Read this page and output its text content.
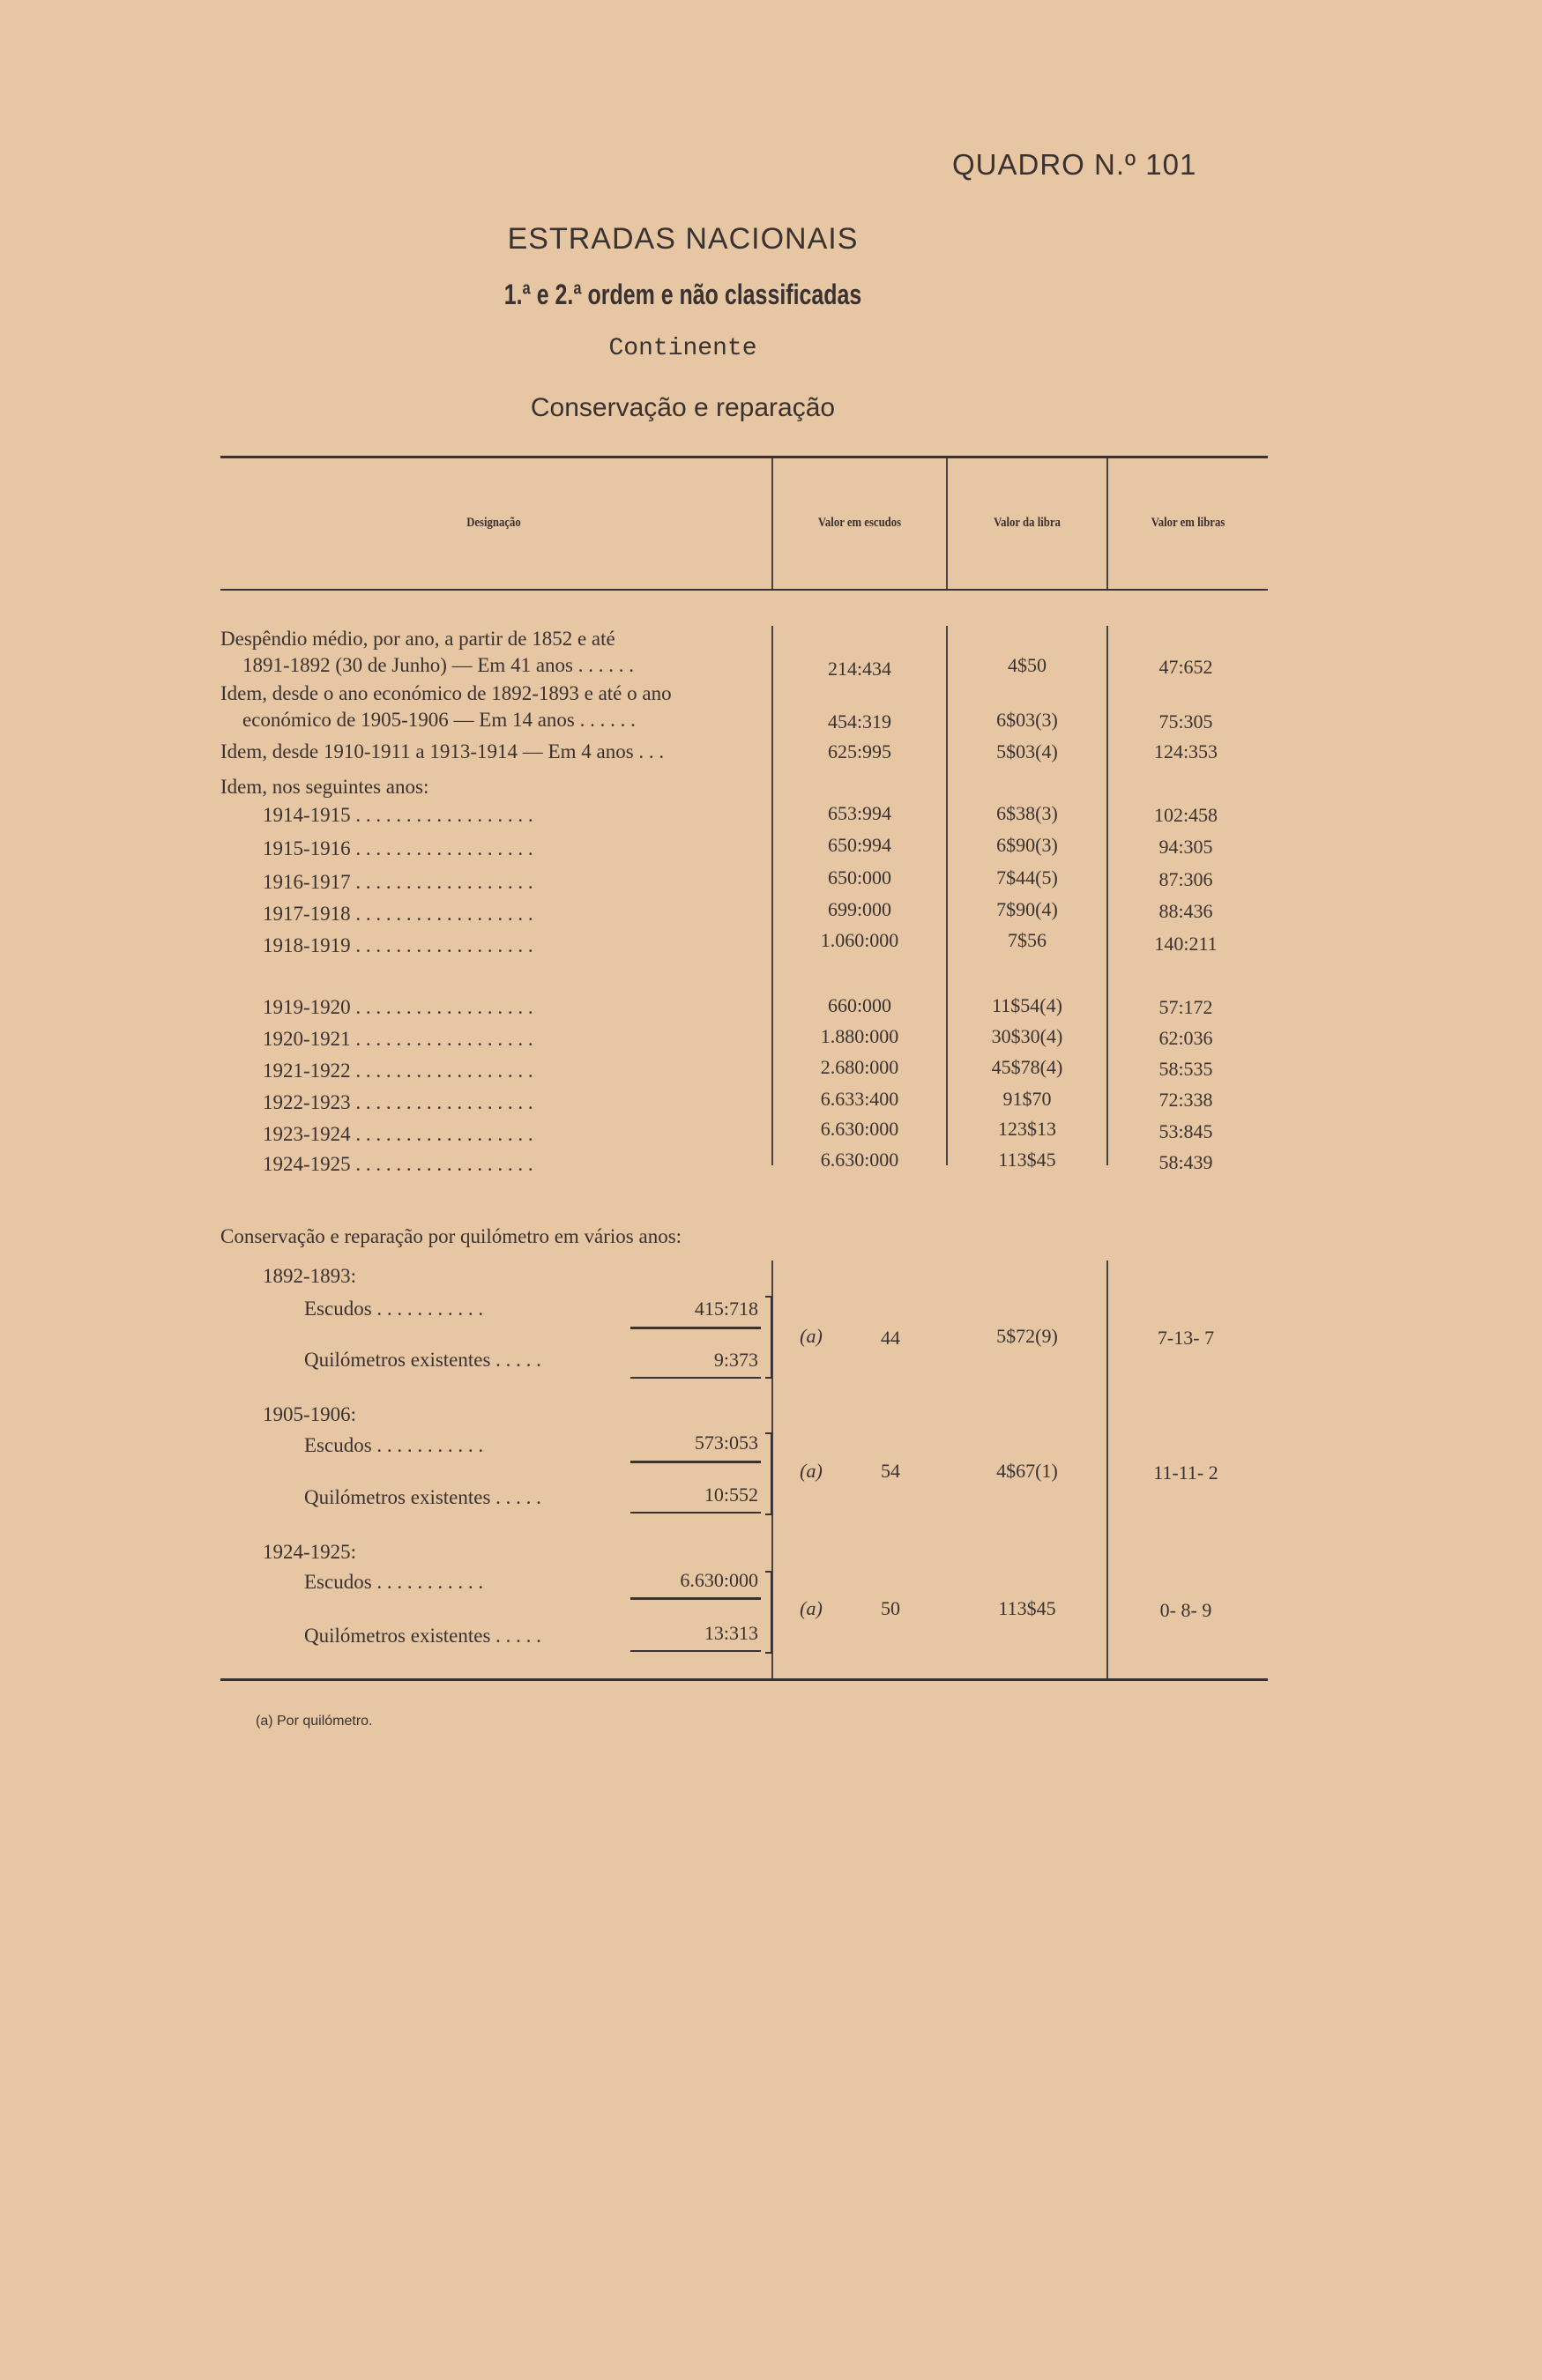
QUADRO N.º 101
ESTRADAS NACIONAIS
1.ª e 2.ª ordem e não classificadas
Continente
Conservação e reparação
Designação	Valor em escudos	Valor da libra	Valor em libras
Despêndio médio, por ano, a partir de 1852 e até
1891-1892 (30 de Junho) — Em 41 anos . . . . . .	214:434	4$50	47:652
Idem, desde o ano económico de 1892-1893 e até o ano
económico de 1905-1906 — Em 14 anos . . . . . .	454:319	6$03(3)	75:305
Idem, desde 1910-1911 a 1913-1914 — Em 4 anos . . .	625:995	5$03(4)	124:353
Idem, nos seguintes anos:
1914-1915 . . . . . . . . . . . . . . . . . .	653:994	6$38(3)	102:458
1915-1916 . . . . . . . . . . . . . . . . . .	650:994	6$90(3)	94:305
1916-1917 . . . . . . . . . . . . . . . . . .	650:000	7$44(5)	87:306
1917-1918 . . . . . . . . . . . . . . . . . .	699:000	7$90(4)	88:436
1918-1919 . . . . . . . . . . . . . . . . . .	1.060:000	7$56	140:211
1919-1920 . . . . . . . . . . . . . . . . . .	660:000	11$54(4)	57:172
1920-1921 . . . . . . . . . . . . . . . . . .	1.880:000	30$30(4)	62:036
1921-1922 . . . . . . . . . . . . . . . . . .	2.680:000	45$78(4)	58:535
1922-1923 . . . . . . . . . . . . . . . . . .	6.633:400	91$70	72:338
1923-1924 . . . . . . . . . . . . . . . . . .	6.630:000	123$13	53:845
1924-1925 . . . . . . . . . . . . . . . . . .	6.630:000	113$45	58:439
Conservação e reparação por quilómetro em vários anos:
1892-1893:
Escudos . . . . . . . . . . .	415:718
Quilómetros existentes . . . . .	9:373
(a)	44	5$72(9)	7-13- 7
1905-1906:
Escudos . . . . . . . . . . .	573:053
Quilómetros existentes . . . . .	10:552
(a)	54	4$67(1)	11-11- 2
1924-1925:
Escudos . . . . . . . . . . .	6.630:000
Quilómetros existentes . . . . .	13:313
(a)	50	113$45	0- 8- 9
(a) Por quilómetro.
